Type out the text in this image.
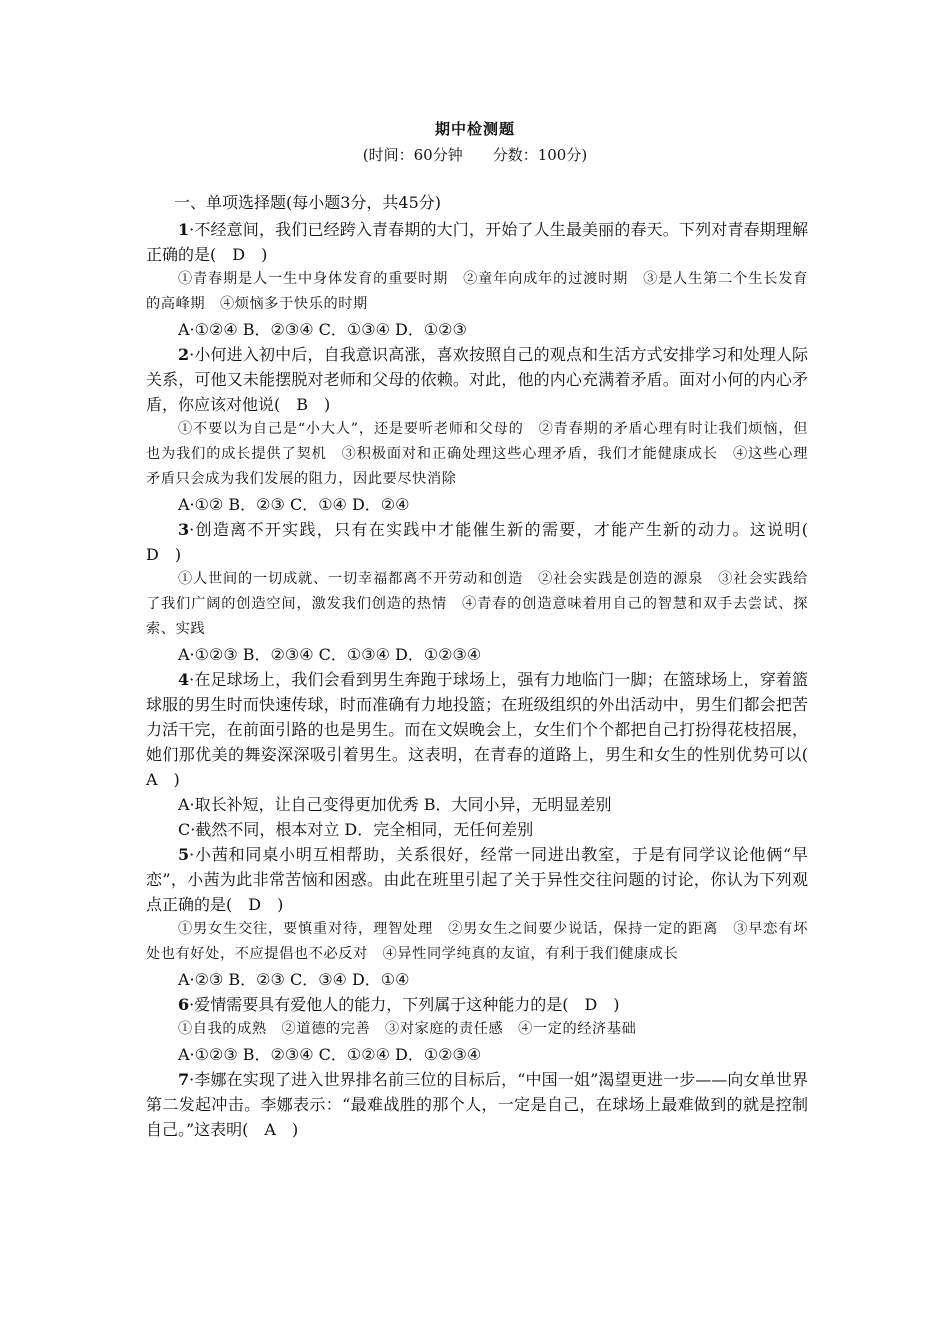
期中检测题
(时间：60分钟　　分数：100分)

一、单项选择题(每小题3分，共45分)

1·不经意间，我们已经跨入青春期的大门，开始了人生最美丽的春天。下列对青春期理解正确的是(　D　)

①青春期是人一生中身体发育的重要时期　②童年向成年的过渡时期　③是人生第二个生长发育的高峰期　④烦恼多于快乐的时期

A·①②④ B．②③④ C．①③④ D．①②③

2·小何进入初中后，自我意识高涨，喜欢按照自己的观点和生活方式安排学习和处理人际关系，可他又未能摆脱对老师和父母的依赖。对此，他的内心充满着矛盾。面对小何的内心矛盾，你应该对他说(　B　)

①不要以为自己是“小大人”，还是要听老师和父母的　②青春期的矛盾心理有时让我们烦恼，但也为我们的成长提供了契机　③积极面对和正确处理这些心理矛盾，我们才能健康成长　④这些心理矛盾只会成为我们发展的阻力，因此要尽快消除

A·①② B．②③ C．①④ D．②④

3·创造离不开实践，只有在实践中才能催生新的需要，才能产生新的动力。这说明(　D　)

①人世间的一切成就、一切幸福都离不开劳动和创造　②社会实践是创造的源泉　③社会实践给了我们广阔的创造空间，激发我们创造的热情　④青春的创造意味着用自己的智慧和双手去尝试、探索、实践

A·①②③ B．②③④ C．①③④ D．①②③④

4·在足球场上，我们会看到男生奔跑于球场上，强有力地临门一脚；在篮球场上，穿着篮球服的男生时而快速传球，时而准确有力地投篮；在班级组织的外出活动中，男生们都会把苦力活干完，在前面引路的也是男生。而在文娱晚会上，女生们个个都把自己打扮得花枝招展，她们那优美的舞姿深深吸引着男生。这表明，在青春的道路上，男生和女生的性别优势可以(　A　)

A·取长补短，让自己变得更加优秀 B．大同小异，无明显差别

C·截然不同，根本对立 D．完全相同，无任何差别

5·小茜和同桌小明互相帮助，关系很好，经常一同进出教室，于是有同学议论他俩“早恋”，小茜为此非常苦恼和困惑。由此在班里引起了关于异性交往问题的讨论，你认为下列观点正确的是(　D　)

①男女生交往，要慎重对待，理智处理　②男女生之间要少说话，保持一定的距离　③早恋有坏处也有好处，不应提倡也不必反对　④异性同学纯真的友谊，有利于我们健康成长

A·②③ B．②③ C．③④ D．①④

6·爱情需要具有爱他人的能力，下列属于这种能力的是(　D　)

①自我的成熟　②道德的完善　③对家庭的责任感　④一定的经济基础

A·①②③ B．②③④ C．①②④ D．①②③④

7·李娜在实现了进入世界排名前三位的目标后，“中国一姐”渴望更进一步——向女单世界第二发起冲击。李娜表示：“最难战胜的那个人，一定是自己，在球场上最难做到的就是控制自己。”这表明(　A　)
